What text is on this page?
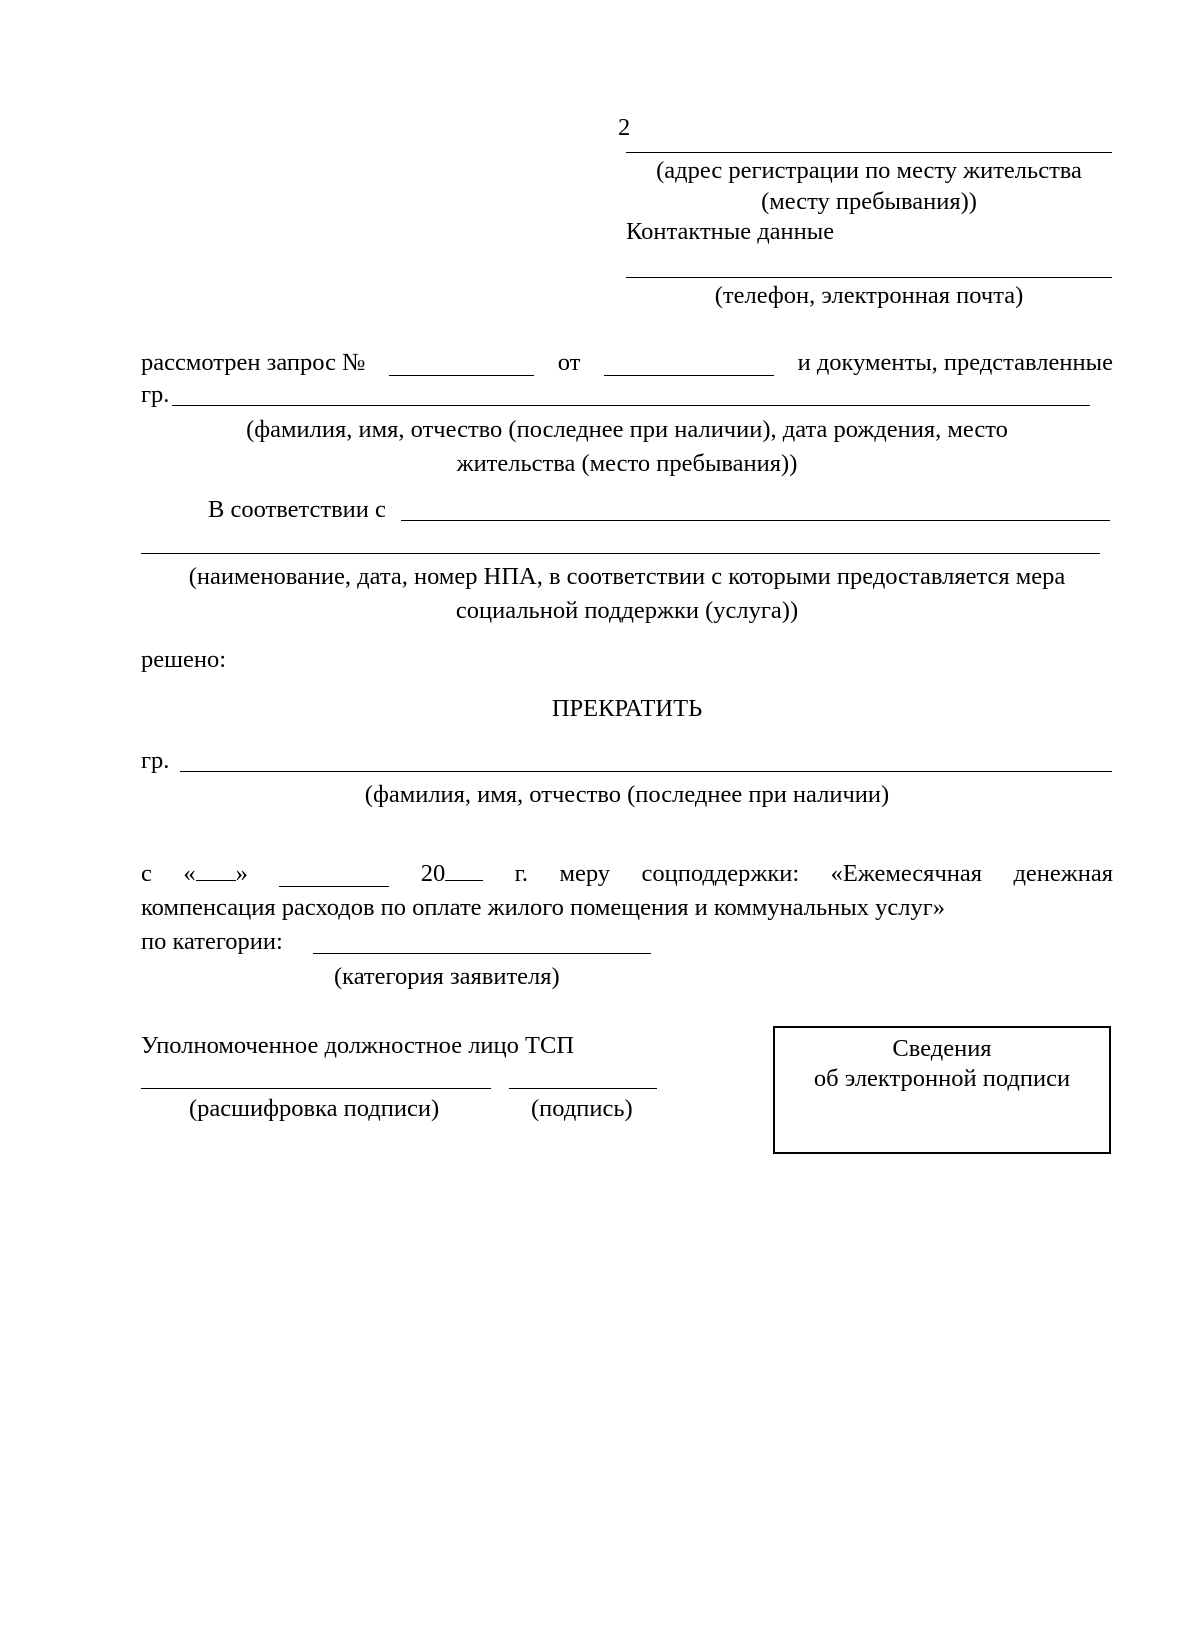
2
(адрес регистрации по месту жительства
(месту пребывания))
Контактные данные
(телефон, электронная почта)
рассмотрен запрос №	от	и документы, представленные
гр.
(фамилия, имя, отчество (последнее при наличии), дата рождения, место
жительства (место пребывания))
В соответствии с
(наименование, дата, номер НПА, в соответствии с которыми предоставляется мера
социальной поддержки (услуга))
решено:
ПРЕКРАТИТЬ
гр.
(фамилия, имя, отчество (последнее при наличии)
с « »	20	г. меру соцподдержки: «Ежемесячная денежная
компенсация расходов по оплате жилого помещения и коммунальных услуг»
по категории:
(категория заявителя)
Уполномоченное должностное лицо ТСП
(расшифровка подписи)	(подпись)
Сведения
об электронной подписи
